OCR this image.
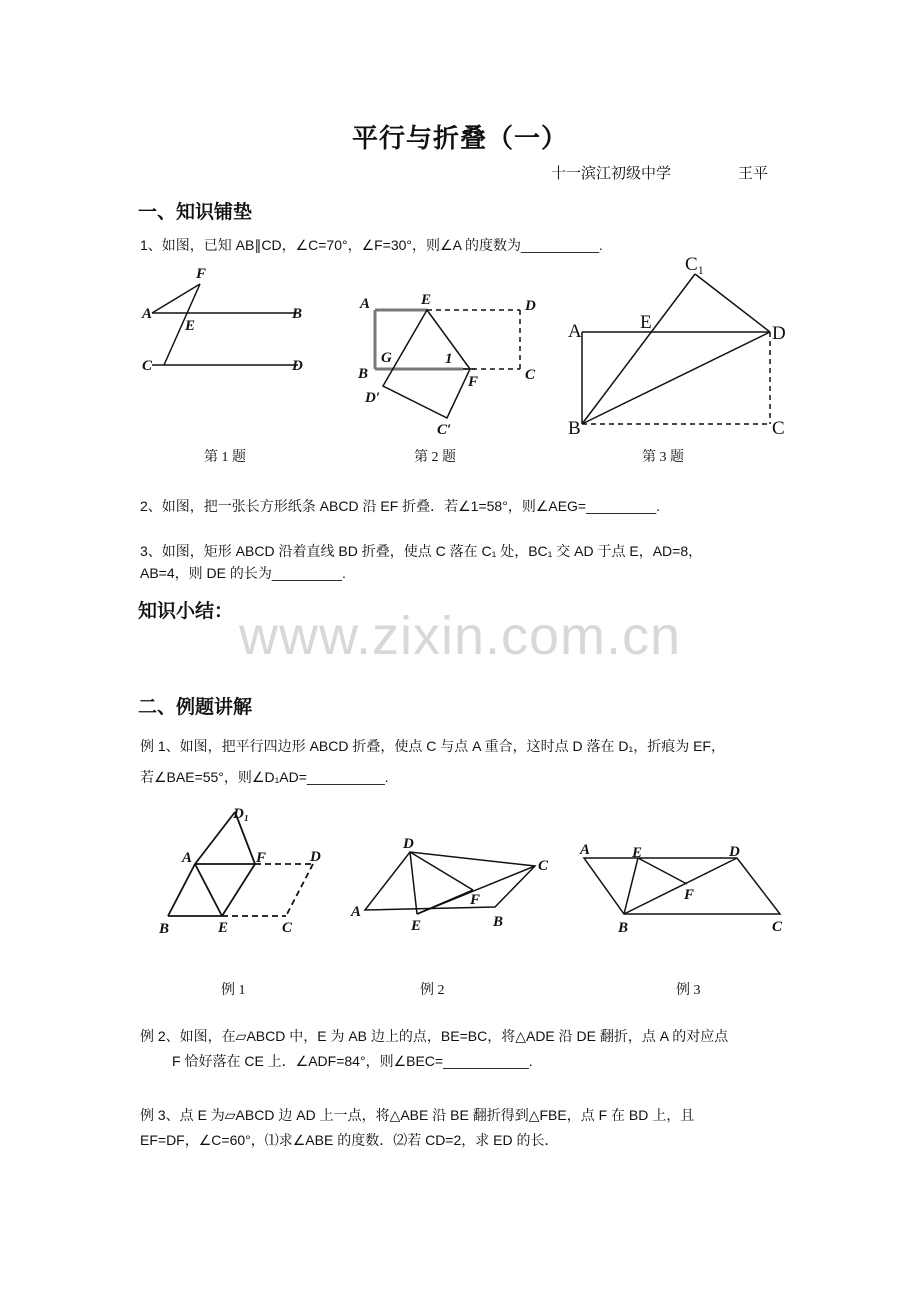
平行与折叠（一）
十一滨江初级中学	王平
一、知识铺垫
1、如图，已知 AB∥CD，∠C=70°，∠F=30°，则∠A 的度数为__________.
F
A
E
B
C	D
E
A	D
G	1
B	C
D′
F
C′
C₁
A	E
D
B	C
第 1 题	第 2 题	第 3 题
2、如图，把一张长方形纸条 ABCD 沿 EF 折叠．若∠1=58°，则∠AEG=_________.
3、如图，矩形 ABCD 沿着直线 BD 折叠，使点 C 落在 C₁ 处，BC₁ 交 AD 于点 E，AD=8，
AB=4，则 DE 的长为_________.
知识小结： www.zixin.com.cn
二、例题讲解
例 1、如图，把平行四边形 ABCD 折叠，使点 C 与点 A 重合，这时点 D 落在 D₁，折痕为 EF，
若∠BAE=55°，则∠D₁AD=__________.
D₁
A	F	D
B	E	C
D
C
F
A
E	B
A	E	D
F
B	C
例 1	例 2	例 3
例 2、如图，在▱ABCD 中，E 为 AB 边上的点，BE=BC，将△ADE 沿 DE 翻折，点 A 的对应点
F 恰好落在 CE 上．∠ADF=84°，则∠BEC=___________.
例 3、点 E 为▱ABCD 边 AD 上一点，将△ABE 沿 BE 翻折得到△FBE，点 F 在 BD 上，且
EF=DF，∠C=60°，⑴求∠ABE 的度数．⑵若 CD=2，求 ED 的长．
